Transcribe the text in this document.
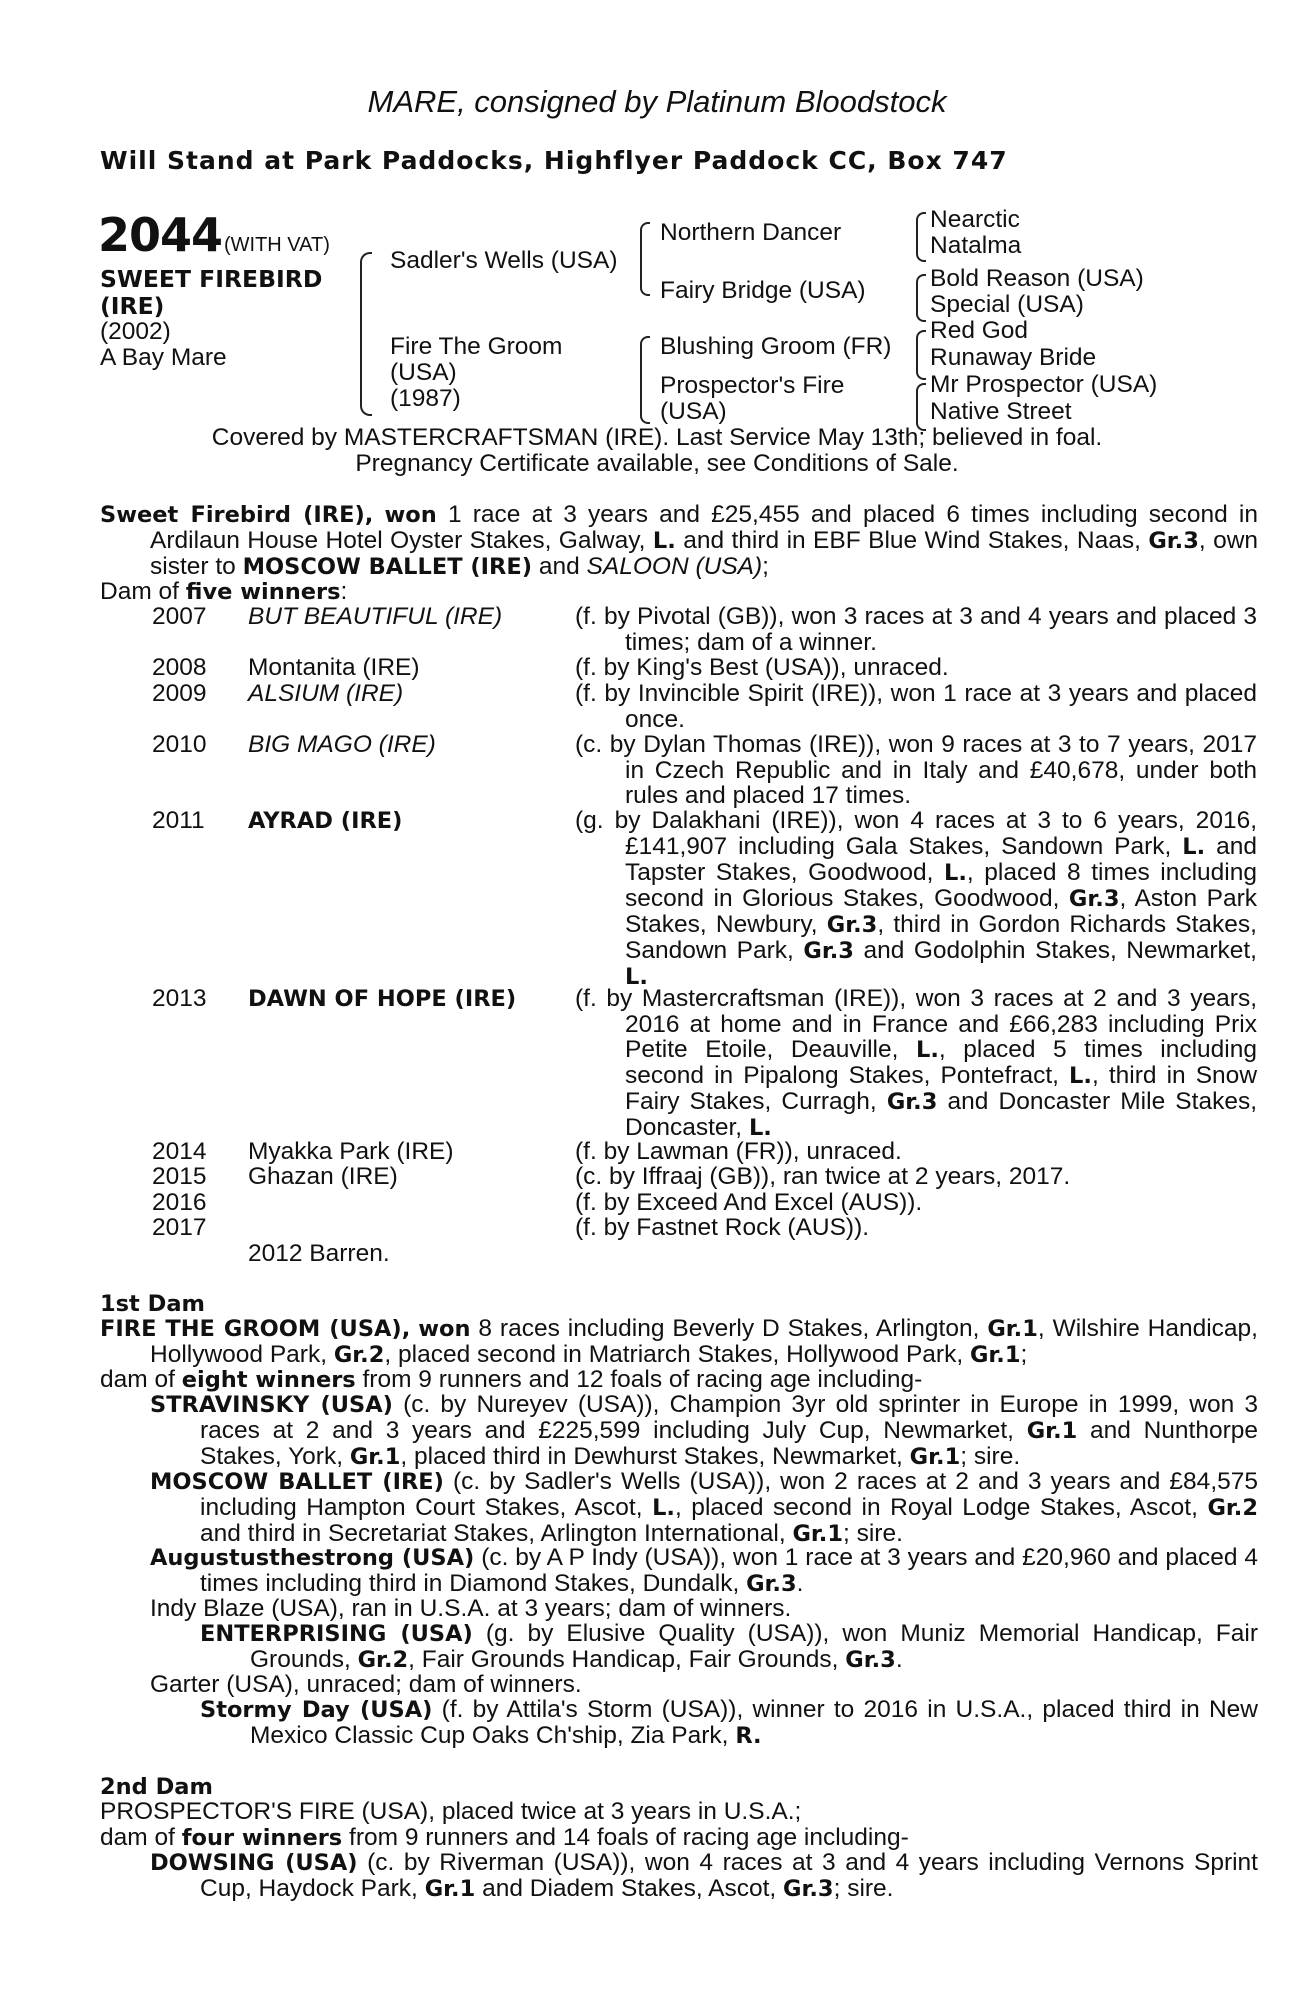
MARE, consigned by Platinum Bloodstock
Will Stand at Park Paddocks, Highflyer Paddock CC, Box 747
2044 (WITH VAT)
SWEET FIREBIRD
(IRE)
(2002)
A Bay Mare
Sadler's Wells (USA)
Fire The Groom
(USA)
(1987)
Northern Dancer
Fairy Bridge (USA)
Blushing Groom (FR)
Prospector's Fire
(USA)
Nearctic
Natalma
Bold Reason (USA)
Special (USA)
Red God
Runaway Bride
Mr Prospector (USA)
Native Street
Covered by MASTERCRAFTSMAN (IRE). Last Service May 13th; believed in foal.
Pregnancy Certificate available, see Conditions of Sale.
Sweet Firebird (IRE), won 1 race at 3 years and £25,455 and placed 6 times including second in Ardilaun House Hotel Oyster Stakes, Galway, L. and third in EBF Blue Wind Stakes, Naas, Gr.3, own sister to MOSCOW BALLET (IRE) and SALOON (USA);
Dam of five winners:
2007 BUT BEAUTIFUL (IRE)	(f. by Pivotal (GB)), won 3 races at 3 and 4 years and placed 3 times; dam of a winner.
2008 Montanita (IRE)	(f. by King's Best (USA)), unraced.
2009 ALSIUM (IRE)	(f. by Invincible Spirit (IRE)), won 1 race at 3 years and placed once.
2010 BIG MAGO (IRE)	(c. by Dylan Thomas (IRE)), won 9 races at 3 to 7 years, 2017 in Czech Republic and in Italy and £40,678, under both rules and placed 17 times.
2011 AYRAD (IRE)	(g. by Dalakhani (IRE)), won 4 races at 3 to 6 years, 2016, £141,907 including Gala Stakes, Sandown Park, L. and Tapster Stakes, Goodwood, L., placed 8 times including second in Glorious Stakes, Goodwood, Gr.3, Aston Park Stakes, Newbury, Gr.3, third in Gordon Richards Stakes, Sandown Park, Gr.3 and Godolphin Stakes, Newmarket, L.
2013 DAWN OF HOPE (IRE) (f. by Mastercraftsman (IRE)), won 3 races at 2 and 3 years, 2016 at home and in France and £66,283 including Prix Petite Etoile, Deauville, L., placed 5 times including second in Pipalong Stakes, Pontefract, L., third in Snow Fairy Stakes, Curragh, Gr.3 and Doncaster Mile Stakes, Doncaster, L.
2014 Myakka Park (IRE)	(f. by Lawman (FR)), unraced.
2015 Ghazan (IRE)	(c. by Iffraaj (GB)), ran twice at 2 years, 2017.
2016	(f. by Exceed And Excel (AUS)).
2017	(f. by Fastnet Rock (AUS)).
2012 Barren.
1st Dam
FIRE THE GROOM (USA), won 8 races including Beverly D Stakes, Arlington, Gr.1, Wilshire Handicap, Hollywood Park, Gr.2, placed second in Matriarch Stakes, Hollywood Park, Gr.1;
dam of eight winners from 9 runners and 12 foals of racing age including-
STRAVINSKY (USA) (c. by Nureyev (USA)), Champion 3yr old sprinter in Europe in 1999, won 3 races at 2 and 3 years and £225,599 including July Cup, Newmarket, Gr.1 and Nunthorpe Stakes, York, Gr.1, placed third in Dewhurst Stakes, Newmarket, Gr.1; sire.
MOSCOW BALLET (IRE) (c. by Sadler's Wells (USA)), won 2 races at 2 and 3 years and £84,575 including Hampton Court Stakes, Ascot, L., placed second in Royal Lodge Stakes, Ascot, Gr.2 and third in Secretariat Stakes, Arlington International, Gr.1; sire.
Augustusthestrong (USA) (c. by A P Indy (USA)), won 1 race at 3 years and £20,960 and placed 4 times including third in Diamond Stakes, Dundalk, Gr.3.
Indy Blaze (USA), ran in U.S.A. at 3 years; dam of winners.
ENTERPRISING (USA) (g. by Elusive Quality (USA)), won Muniz Memorial Handicap, Fair Grounds, Gr.2, Fair Grounds Handicap, Fair Grounds, Gr.3.
Garter (USA), unraced; dam of winners.
Stormy Day (USA) (f. by Attila's Storm (USA)), winner to 2016 in U.S.A., placed third in New Mexico Classic Cup Oaks Ch'ship, Zia Park, R.
2nd Dam
PROSPECTOR'S FIRE (USA), placed twice at 3 years in U.S.A.;
dam of four winners from 9 runners and 14 foals of racing age including-
DOWSING (USA) (c. by Riverman (USA)), won 4 races at 3 and 4 years including Vernons Sprint Cup, Haydock Park, Gr.1 and Diadem Stakes, Ascot, Gr.3; sire.
